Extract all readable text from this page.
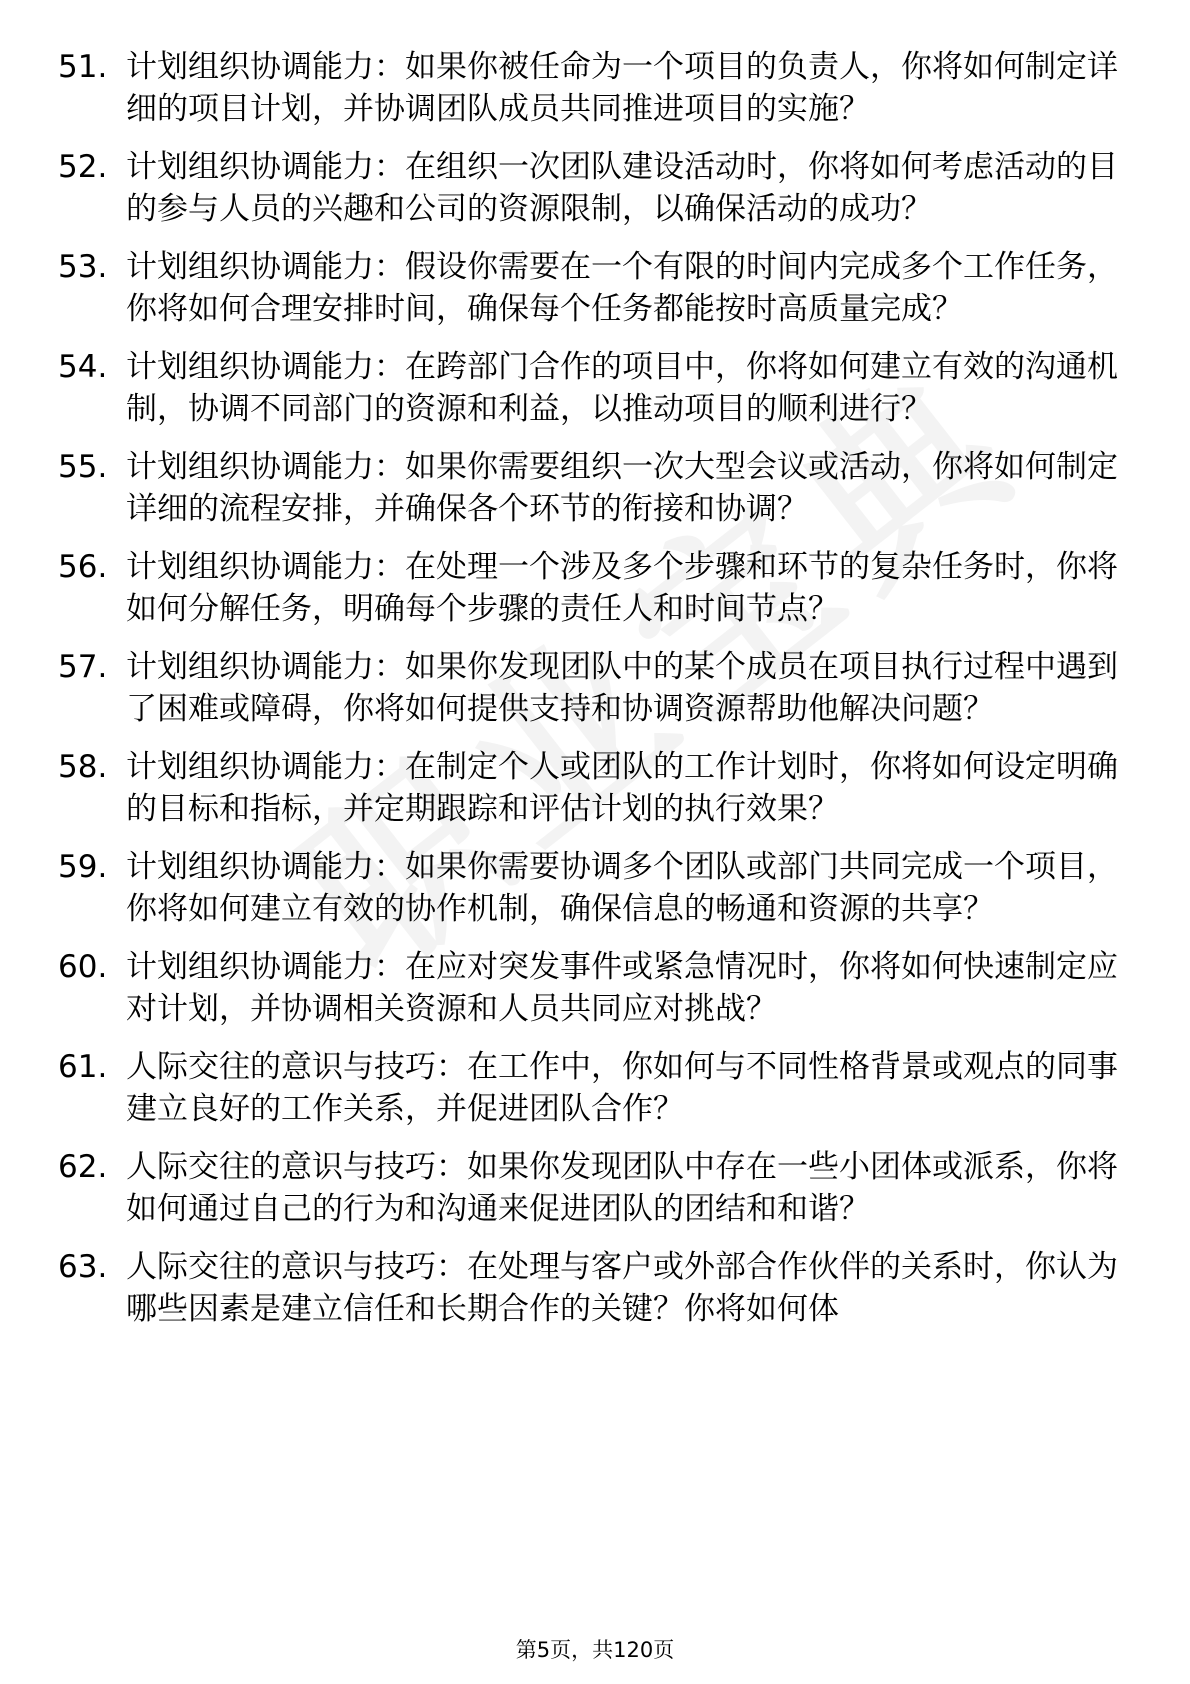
51. 计划组织协调能力：如果你被任命为一个项目的负责人，你将如何制定详细的项目计划，并协调团队成员共同推进项目的实施？
52. 计划组织协调能力：在组织一次团队建设活动时，你将如何考虑活动的目的参与人员的兴趣和公司的资源限制，以确保活动的成功？
53. 计划组织协调能力：假设你需要在一个有限的时间内完成多个工作任务，你将如何合理安排时间，确保每个任务都能按时高质量完成？
54. 计划组织协调能力：在跨部门合作的项目中，你将如何建立有效的沟通机制，协调不同部门的资源和利益，以推动项目的顺利进行？
55. 计划组织协调能力：如果你需要组织一次大型会议或活动，你将如何制定详细的流程安排，并确保各个环节的衔接和协调？
56. 计划组织协调能力：在处理一个涉及多个步骤和环节的复杂任务时，你将如何分解任务，明确每个步骤的责任人和时间节点？
57. 计划组织协调能力：如果你发现团队中的某个成员在项目执行过程中遇到了困难或障碍，你将如何提供支持和协调资源帮助他解决问题？
58. 计划组织协调能力：在制定个人或团队的工作计划时，你将如何设定明确的目标和指标，并定期跟踪和评估计划的执行效果？
59. 计划组织协调能力：如果你需要协调多个团队或部门共同完成一个项目，你将如何建立有效的协作机制，确保信息的畅通和资源的共享？
60. 计划组织协调能力：在应对突发事件或紧急情况时，你将如何快速制定应对计划，并协调相关资源和人员共同应对挑战？
61. 人际交往的意识与技巧：在工作中，你如何与不同性格背景或观点的同事建立良好的工作关系，并促进团队合作？
62. 人际交往的意识与技巧：如果你发现团队中存在一些小团体或派系，你将如何通过自己的行为和沟通来促进团队的团结和和谐？
63. 人际交往的意识与技巧：在处理与客户或外部合作伙伴的关系时，你认为哪些因素是建立信任和长期合作的关键？你将如何体
第5页，共120页
